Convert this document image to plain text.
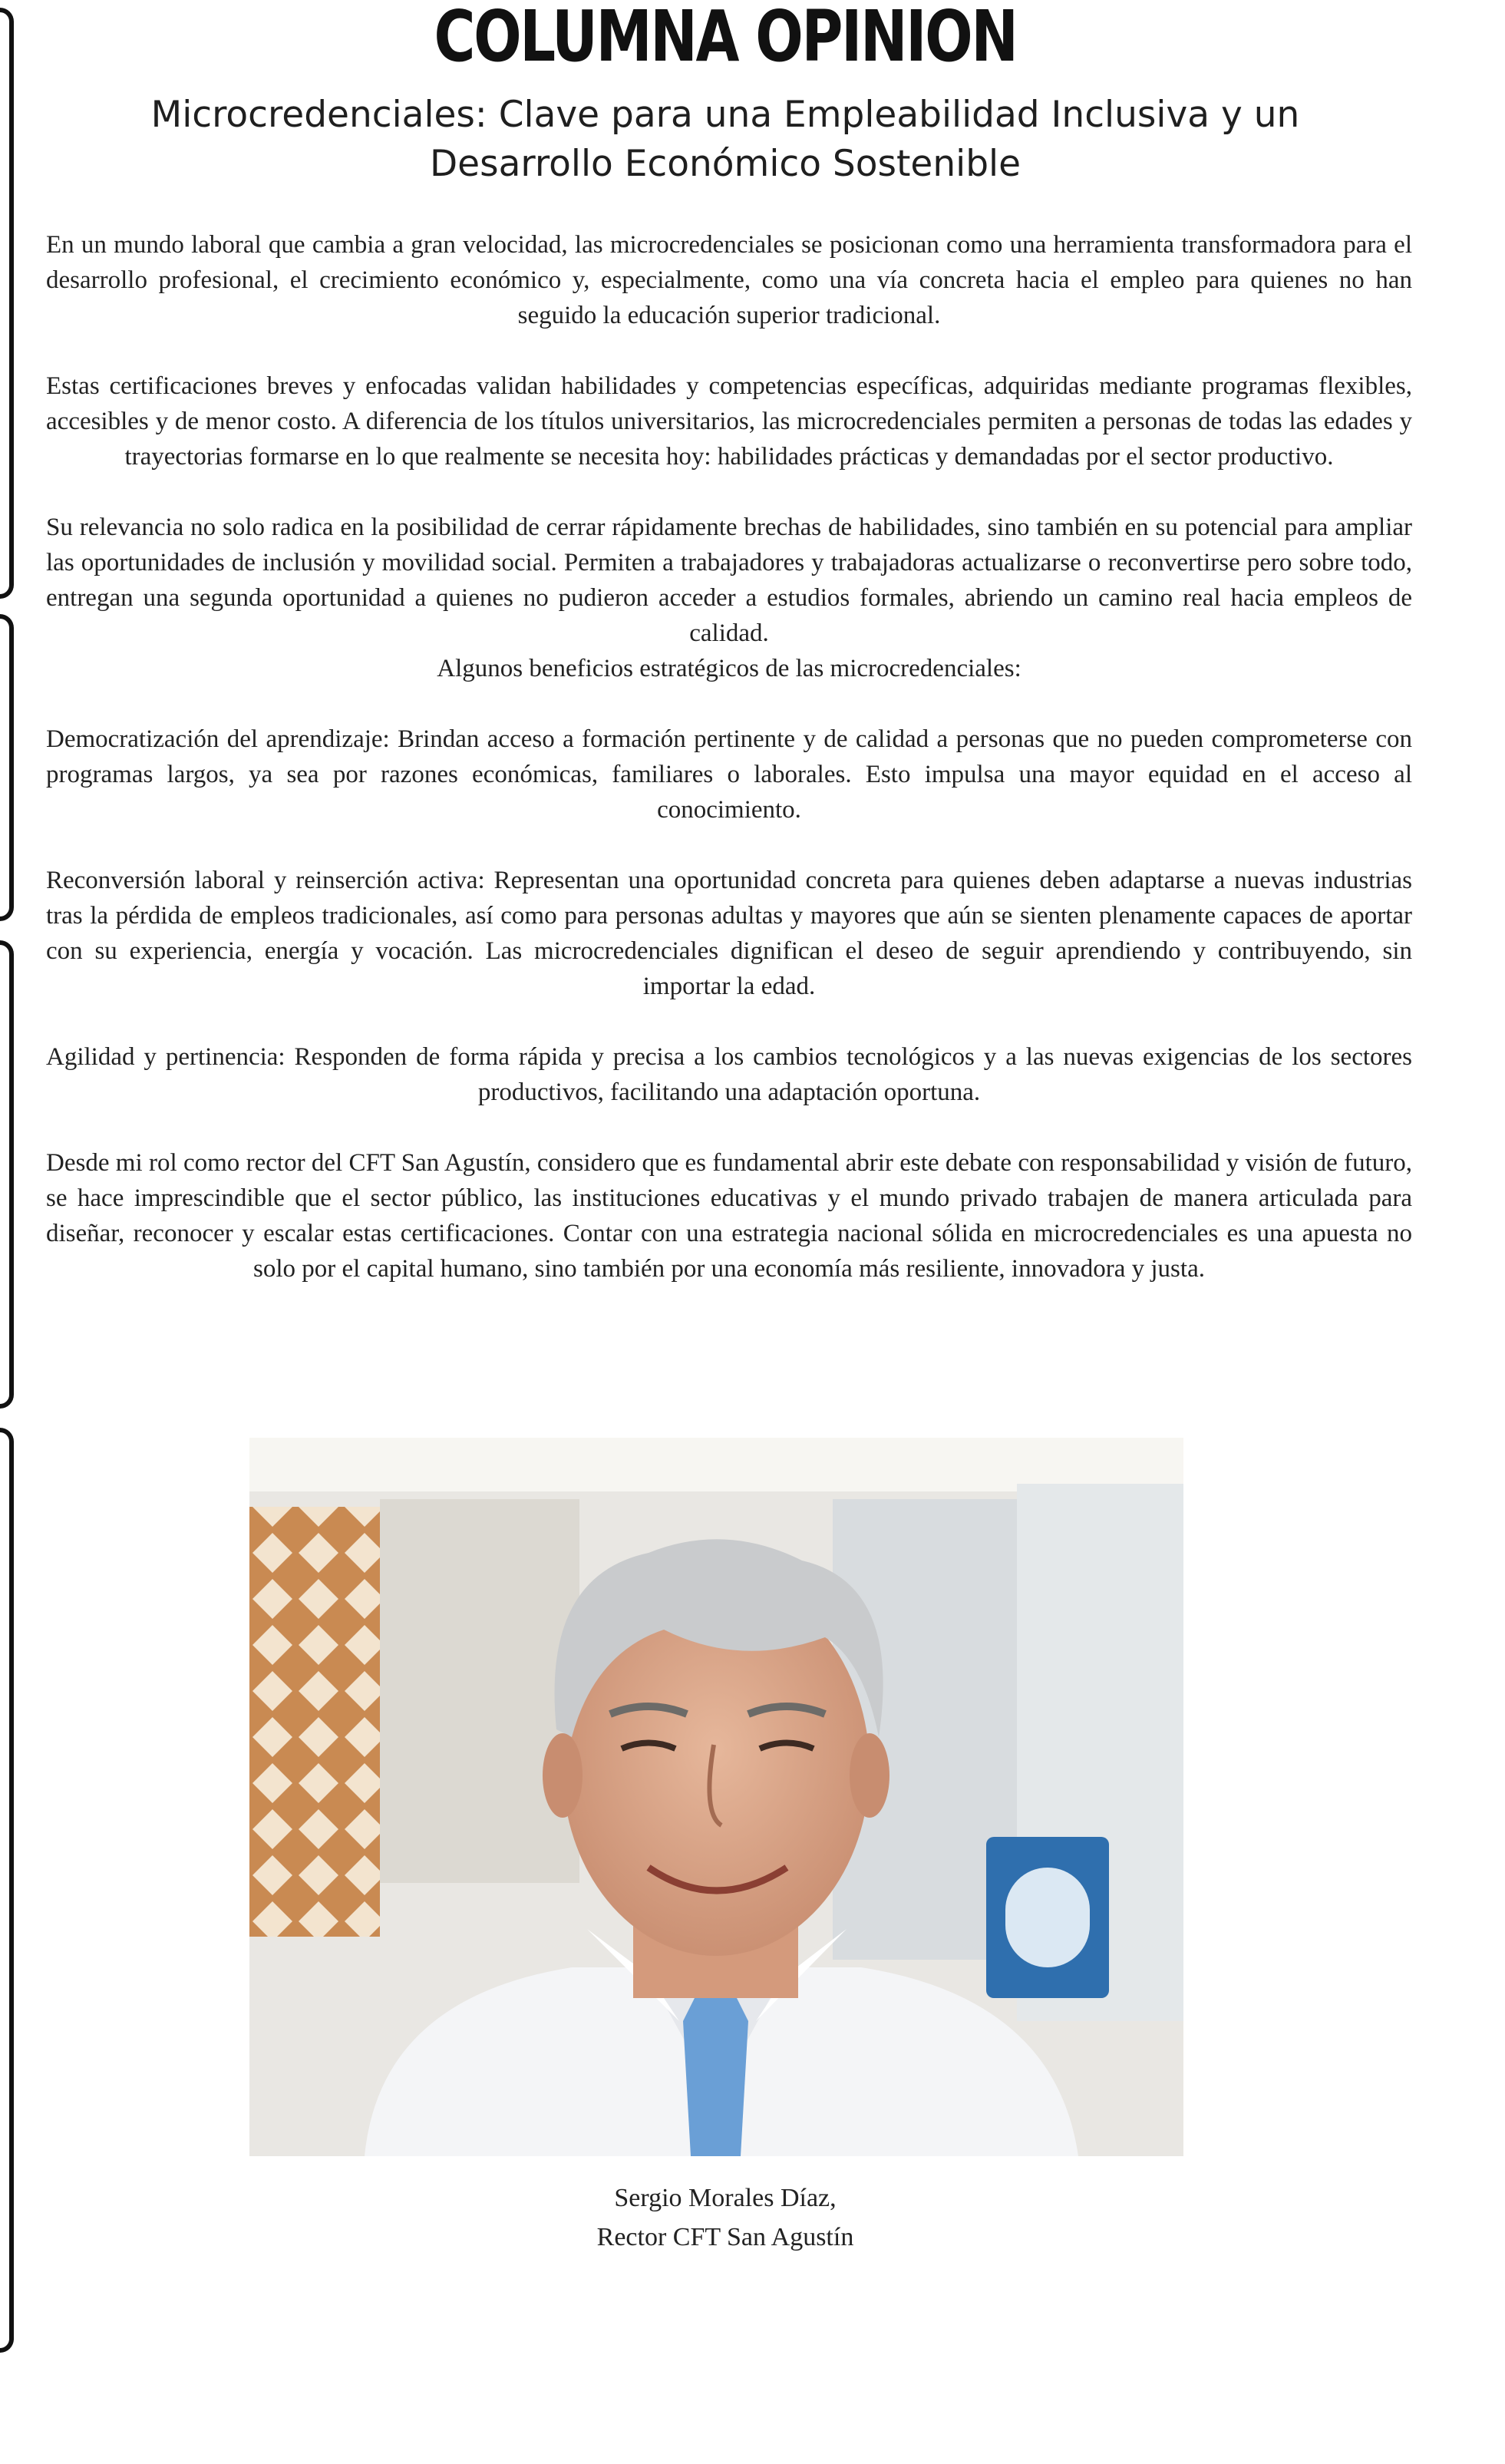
COLUMNA OPINION
Microcredenciales: Clave para una Empleabilidad Inclusiva y un Desarrollo Económico Sostenible

En un mundo laboral que cambia a gran velocidad, las microcredenciales se posicionan como una herramienta transformadora para el desarrollo profesional, el crecimiento económico y, especialmente, como una vía concreta hacia el empleo para quienes no han seguido la educación superior tradicional.

Estas certificaciones breves y enfocadas validan habilidades y competencias específicas, adquiridas mediante programas flexibles, accesibles y de menor costo. A diferencia de los títulos universitarios, las microcredenciales permiten a personas de todas las edades y trayectorias formarse en lo que realmente se necesita hoy: habilidades prácticas y demandadas por el sector productivo.

Su relevancia no solo radica en la posibilidad de cerrar rápidamente brechas de habilidades, sino también en su potencial para ampliar las oportunidades de inclusión y movilidad social. Permiten a trabajadores y trabajadoras actualizarse o reconvertirse pero sobre todo, entregan una segunda oportunidad a quienes no pudieron acceder a estudios formales, abriendo un camino real hacia empleos de calidad.

Algunos beneficios estratégicos de las microcredenciales:

Democratización del aprendizaje: Brindan acceso a formación pertinente y de calidad a personas que no pueden comprometerse con programas largos, ya sea por razones económicas, familiares o laborales. Esto impulsa una mayor equidad en el acceso al conocimiento.

Reconversión laboral y reinserción activa: Representan una oportunidad concreta para quienes deben adaptarse a nuevas industrias tras la pérdida de empleos tradicionales, así como para personas adultas y mayores que aún se sienten plenamente capaces de aportar con su experiencia, energía y vocación. Las microcredenciales dignifican el deseo de seguir aprendiendo y contribuyendo, sin importar la edad.

Agilidad y pertinencia: Responden de forma rápida y precisa a los cambios tecnológicos y a las nuevas exigencias de los sectores productivos, facilitando una adaptación oportuna.

Desde mi rol como rector del CFT San Agustín, considero que es fundamental abrir este debate con responsabilidad y visión de futuro, se hace imprescindible que el sector público, las instituciones educativas y el mundo privado trabajen de manera articulada para diseñar, reconocer y escalar estas certificaciones. Contar con una estrategia nacional sólida en microcredenciales es una apuesta no solo por el capital humano, sino también por una economía más resiliente, innovadora y justa.

Sergio Morales Díaz,
Rector CFT San Agustín
